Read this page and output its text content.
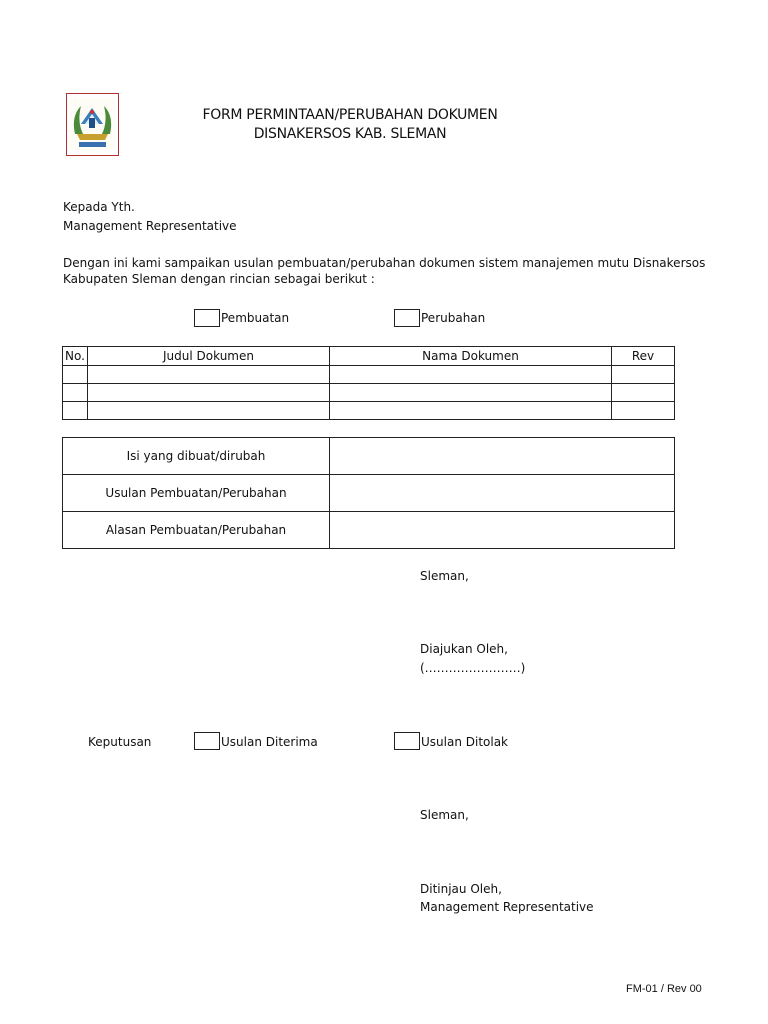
FORM PERMINTAAN/PERUBAHAN DOKUMEN
DISNAKERSOS KAB. SLEMAN
Kepada Yth.
Management Representative
Dengan ini kami sampaikan usulan pembuatan/perubahan dokumen sistem manajemen mutu Disnakersos
Kabupaten Sleman dengan rincian sebagai berikut :
Pembuatan	Perubahan
No.	Judul Dokumen	Nama Dokumen	Rev

Isi yang dibuat/dirubah	
Usulan Pembuatan/Perubahan	
Alasan Pembuatan/Perubahan	
Sleman,
Diajukan Oleh,
(……………………)
Keputusan	Usulan Diterima	Usulan Ditolak
Sleman,
Ditinjau Oleh,
Management Representative
FM-01 / Rev 00
